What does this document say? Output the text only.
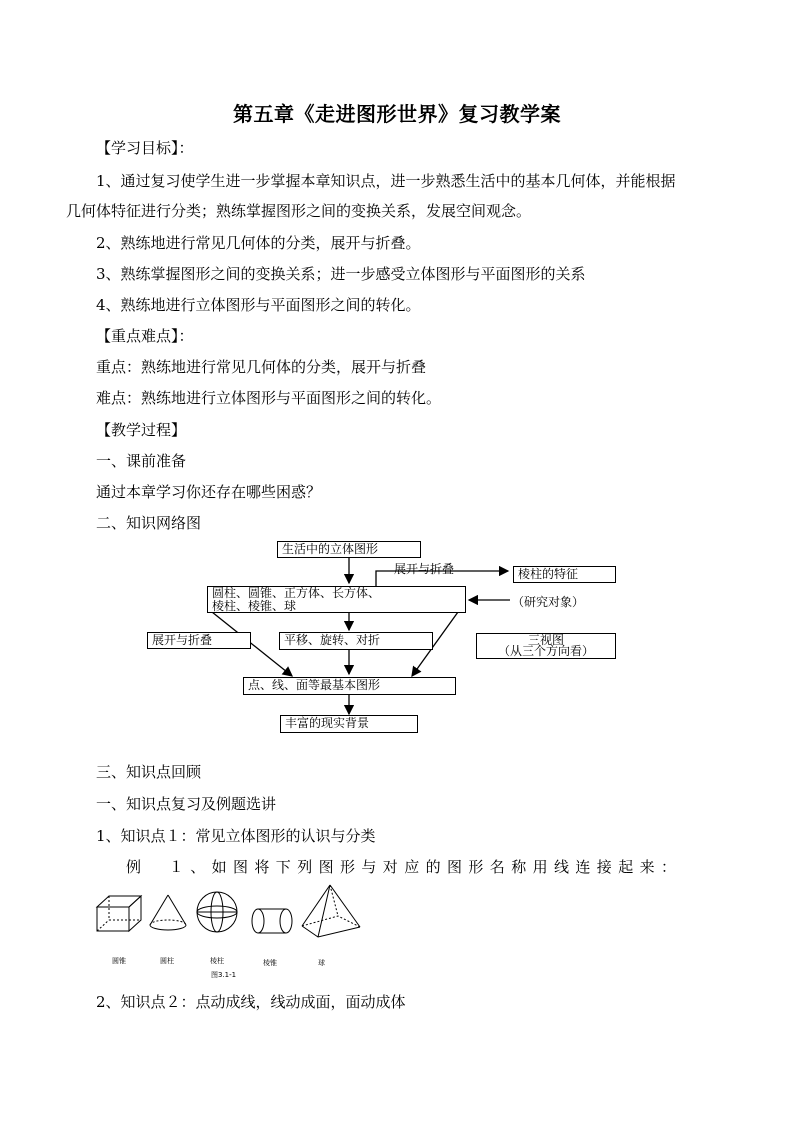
第五章《走进图形世界》复习教学案
【学习目标】：
1、通过复习使学生进一步掌握本章知识点，进一步熟悉生活中的基本几何体，并能根据
几何体特征进行分类；熟练掌握图形之间的变换关系，发展空间观念。
2、熟练地进行常见几何体的分类，展开与折叠。
3、熟练掌握图形之间的变换关系；进一步感受立体图形与平面图形的关系
4、熟练地进行立体图形与平面图形之间的转化。
【重点难点】：
重点：熟练地进行常见几何体的分类，展开与折叠
难点：熟练地进行立体图形与平面图形之间的转化。
【教学过程】
一、课前准备
通过本章学习你还存在哪些困惑？
二、知识网络图
生活中的立体图形
展开与折叠	棱柱的特征
圆柱、圆锥、正方体、长方体、
棱柱、棱锥、球	（研究对象）
展开与折叠	平移、旋转、对折	三视图
（从三个方向看）
点、线、面等最基本图形
丰富的现实背景
三、知识点回顾
一、知识点复习及例题选讲
1、知识点１：常见立体图形的认识与分类
例　１、如图将下列图形与对应的图形名称用线连接起来：
圆锥	圆柱	棱柱	棱锥	球
图3.1-1
2、知识点２：点动成线，线动成面，面动成体
